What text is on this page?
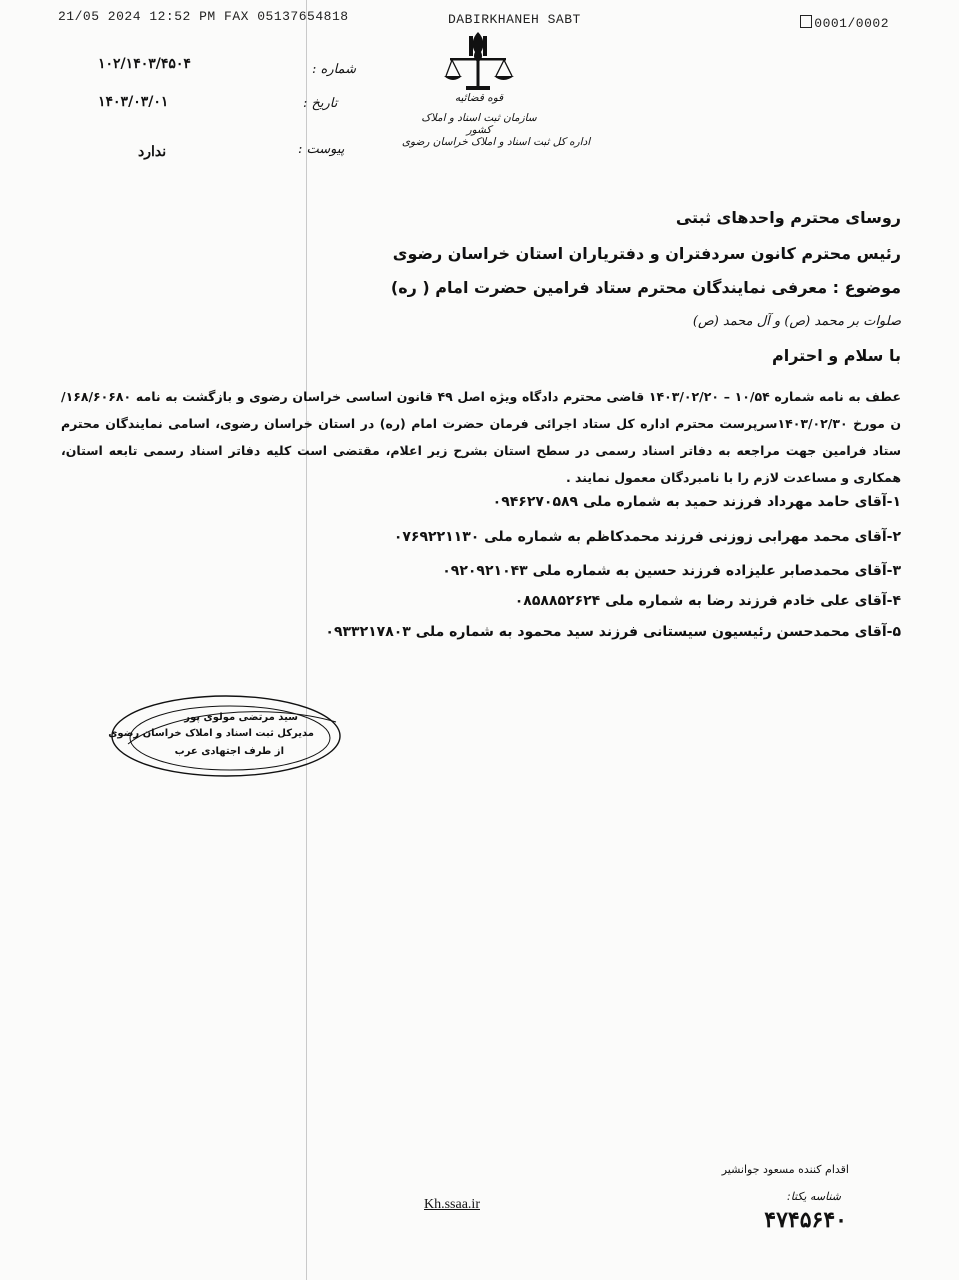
21/05 2024 12:52 PM FAX 05137654818	DABIRKHANEH SABT	0001/0002
۱۰۲/۱۴۰۳/۴۵۰۴	شماره :
۱۴۰۳/۰۳/۰۱	تاریخ :
ندارد	پیوست :
قوه قضائیه
سازمان ثبت اسناد و املاک کشور
اداره کل ثبت اسناد و املاک خراسان رضوی
روسای محترم واحدهای ثبتی
رئیس محترم کانون سردفتران و دفتریاران استان خراسان رضوی
موضوع : معرفی نمایندگان محترم ستاد فرامین حضرت امام ( ره)
صلوات بر محمد (ص) و آل محمد (ص)
با سلام و احترام
عطف به نامه شماره ۱۰/۵۴ – ۱۴۰۳/۰۲/۲۰ قاضی محترم دادگاه ویژه اصل ۴۹ قانون اساسی خراسان رضوی و بازگشت به نامه ۱۶۸/۶۰۶۸۰/ن مورخ ۱۴۰۳/۰۲/۳۰سرپرست محترم اداره کل ستاد اجرائی فرمان حضرت امام (ره) در استان خراسان رضوی، اسامی نمایندگان محترم ستاد فرامین جهت مراجعه به دفاتر اسناد رسمی در سطح استان بشرح زیر اعلام، مقتضی است کلیه دفاتر اسناد رسمی تابعه استان، همکاری و مساعدت لازم را با نامبردگان معمول نمایند .
۱-آقای حامد مهرداد فرزند حمید به شماره ملی ۰۹۴۶۲۷۰۵۸۹
۲-آقای محمد مهرابی زوزنی فرزند محمدکاظم به شماره ملی ۰۷۶۹۲۲۱۱۳۰
۳-آقای محمدصابر علیزاده فرزند حسین به شماره ملی ۰۹۲۰۹۲۱۰۴۳
۴-آقای علی خادم فرزند رضا به شماره ملی ۰۸۵۸۸۵۲۶۲۴
۵-آقای محمدحسن رئیسیون سیستانی فرزند سید محمود به شماره ملی ۰۹۳۳۲۱۷۸۰۳
سید مرتضی مولوی پور
مدیرکل ثبت اسناد و املاک خراسان رضوی
از طرف اجتهادی عرب
اقدام کننده مسعود جوانشیر
شناسه یکتا:
Kh.ssaa.ir
۴۷۴۵۶۴۰
